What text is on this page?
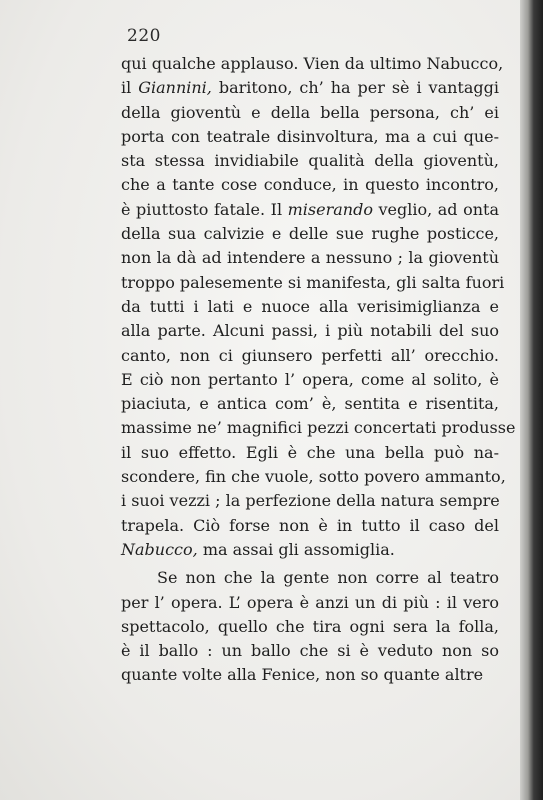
220
qui qualche applauso. Vien da ultimo Nabucco,
il Giannini, baritono, ch’ ha per sè i vantaggi
della gioventù e della bella persona, ch’ ei
porta con teatrale disinvoltura, ma a cui que-
sta stessa invidiabile qualità della gioventù,
che a tante cose conduce, in questo incontro,
è piuttosto fatale. Il miserando veglio, ad onta
della sua calvizie e delle sue rughe posticce,
non la dà ad intendere a nessuno ; la gioventù
troppo palesemente si manifesta, gli salta fuori
da tutti i lati e nuoce alla verisimiglianza e
alla parte. Alcuni passi, i più notabili del suo
canto, non ci giunsero perfetti all’ orecchio.
E ciò non pertanto l’ opera, come al solito, è
piaciuta, e antica com’ è, sentita e risentita,
massime ne’ magnifici pezzi concertati produsse
il suo effetto. Egli è che una bella può na-
scondere, fin che vuole, sotto povero ammanto,
i suoi vezzi ; la perfezione della natura sempre
trapela. Ciò forse non è in tutto il caso del
Nabucco, ma assai gli assomiglia.
Se non che la gente non corre al teatro
per l’ opera. L’ opera è anzi un di più : il vero
spettacolo, quello che tira ogni sera la folla,
è il ballo : un ballo che si è veduto non so
quante volte alla Fenice, non so quante altre
